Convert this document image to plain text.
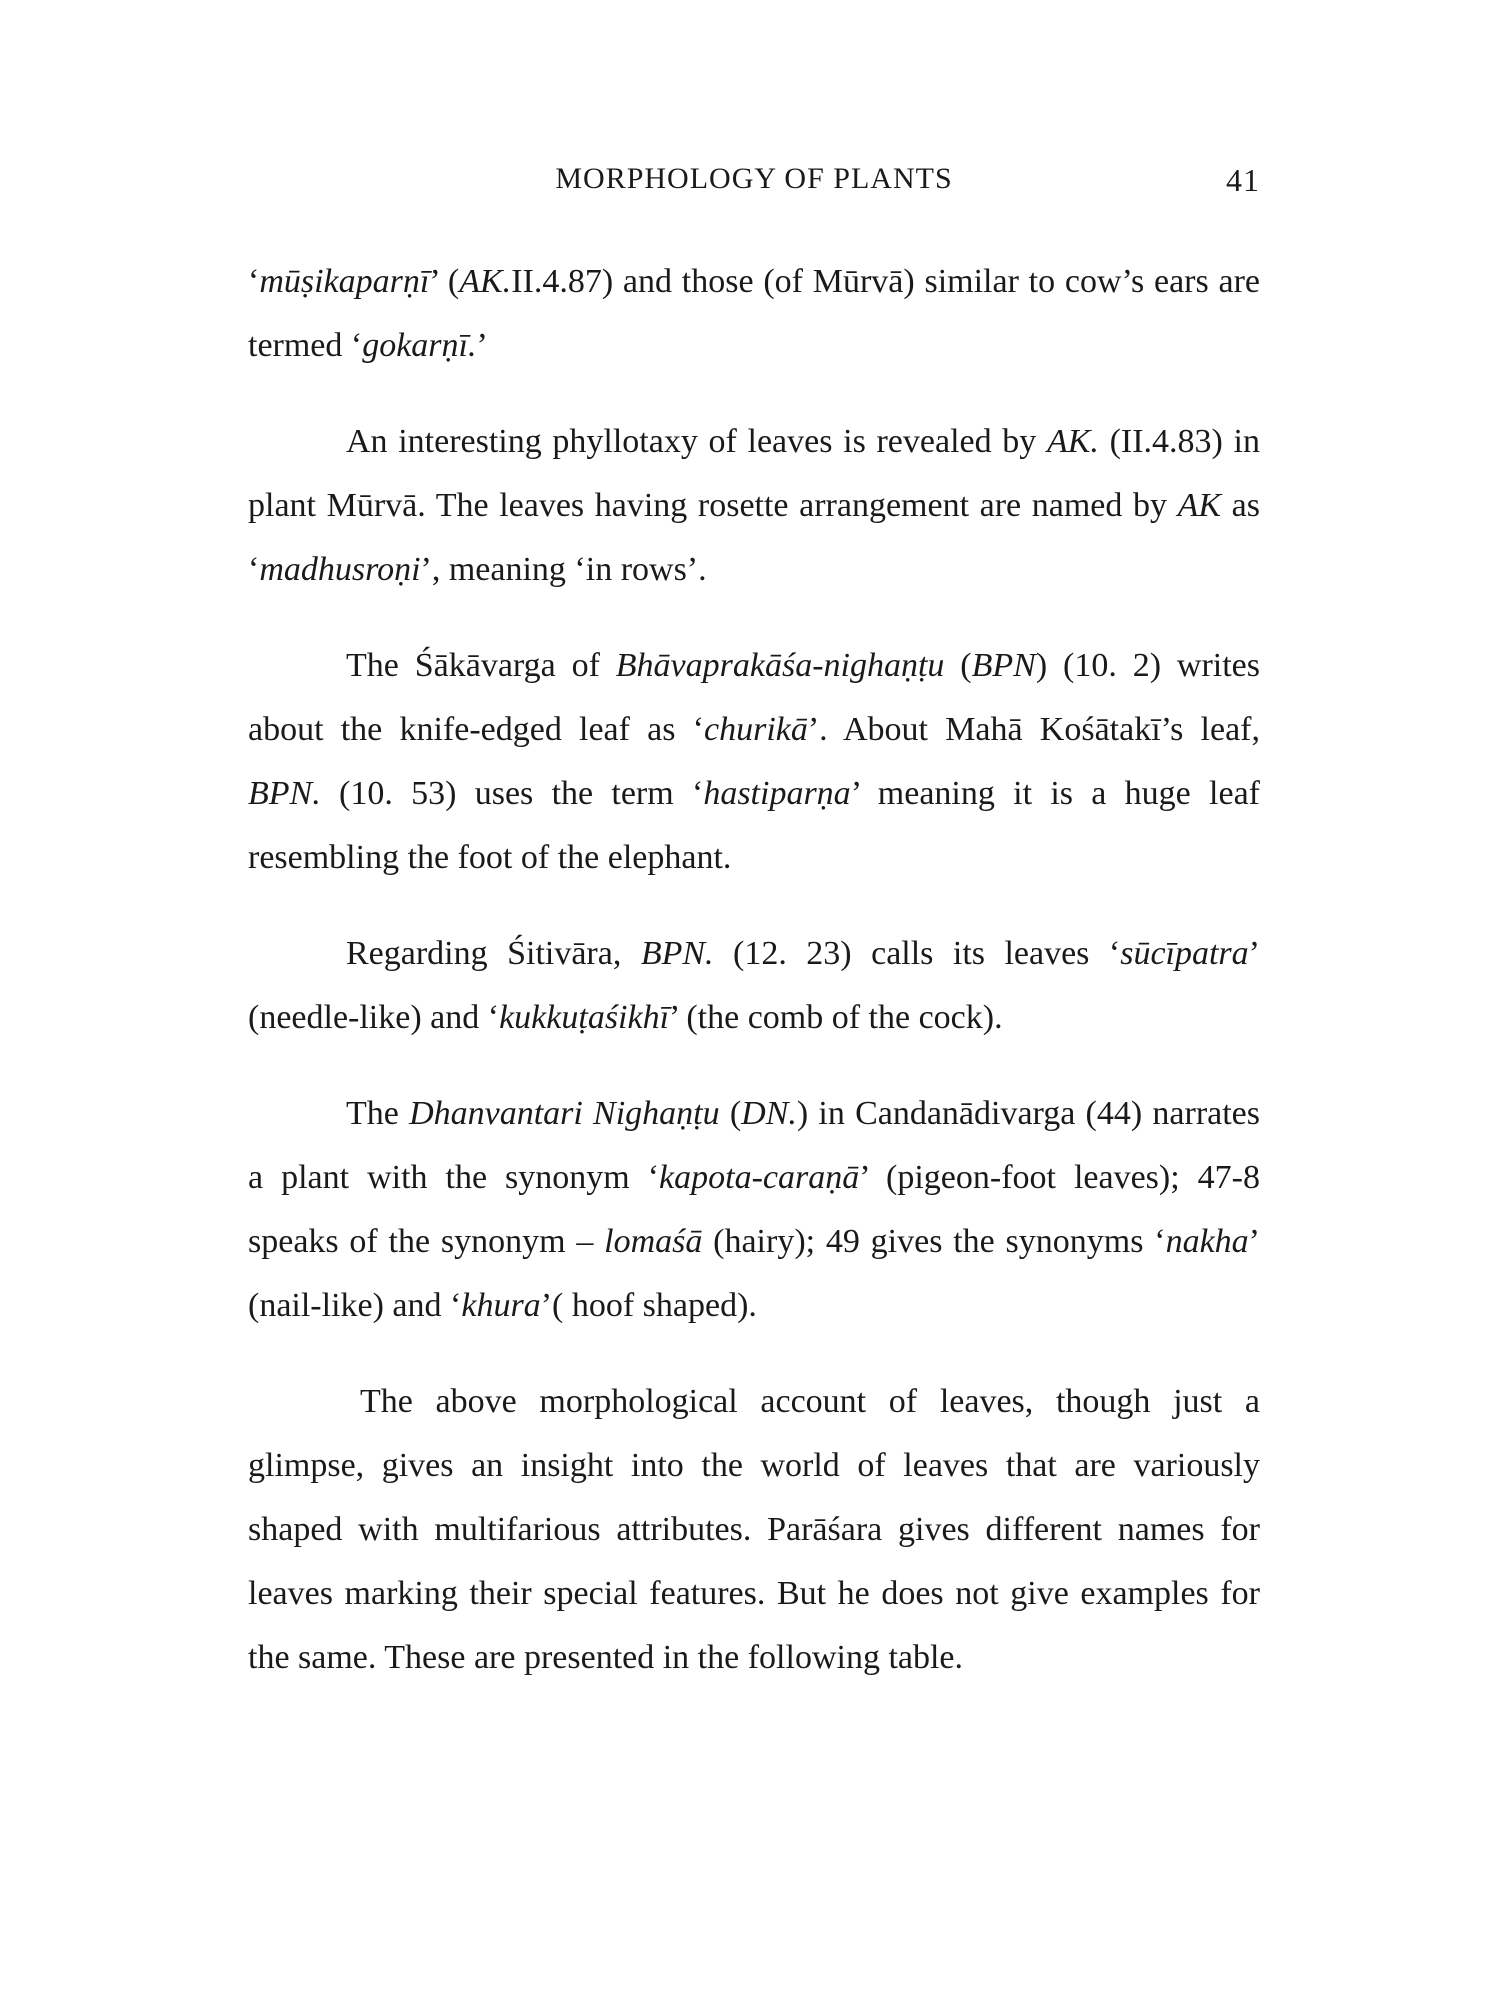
MORPHOLOGY OF PLANTS	41

‘mūṣikaparṇī’ (AK.II.4.87) and those (of Mūrvā) similar to cow’s ears are termed ‘gokarṇī.’

An interesting phyllotaxy of leaves is revealed by AK. (II.4.83) in plant Mūrvā. The leaves having rosette arrangement are named by AK as ‘madhusroṇi’, meaning ‘in rows’.

The Śākāvarga of Bhāvaprakāśa-nighaṇṭu (BPN) (10. 2) writes about the knife-edged leaf as ‘churikā’. About Mahā Kośātakī’s leaf, BPN. (10. 53) uses the term ‘hastiparṇa’ meaning it is a huge leaf resembling the foot of the elephant.

Regarding Śitivāra, BPN. (12. 23) calls its leaves ‘sūcīpatra’ (needle-like) and ‘kukkuṭaśikhī’ (the comb of the cock).

The Dhanvantari Nighaṇṭu (DN.) in Candanādivarga (44) narrates a plant with the synonym ‘kapota-caraṇā’ (pigeon-foot leaves); 47-8 speaks of the synonym – lomaśā (hairy); 49 gives the synonyms ‘nakha’ (nail-like) and ‘khura’( hoof shaped).

The above morphological account of leaves, though just a glimpse, gives an insight into the world of leaves that are variously shaped with multifarious attributes. Parāśara gives different names for leaves marking their special features. But he does not give examples for the same. These are presented in the following table.
